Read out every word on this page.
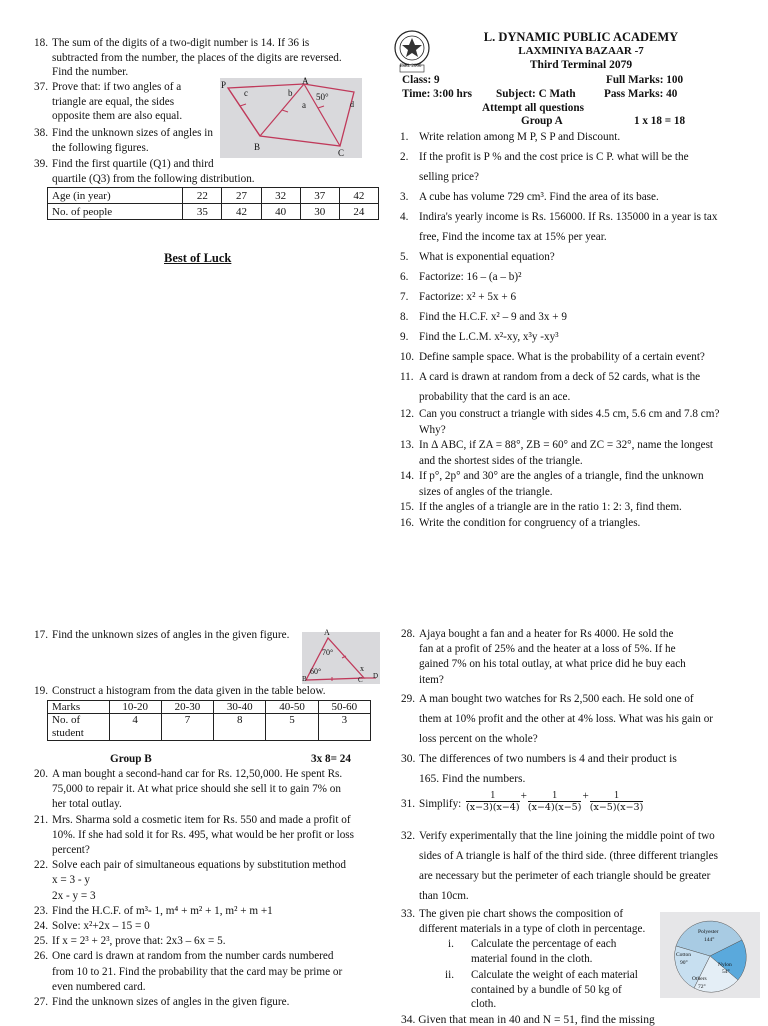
Estd. 2066
L. DYNAMIC PUBLIC ACADEMY
LAXMINIYA BAZAAR -7
Third Terminal 2079
Class: 9	Full Marks: 100
Time: 3:00 hrs Subject: C Math	Pass Marks: 40
Attempt all questions
Group A	1 x 18 = 18
1. Write relation among M P, S P and Discount.
2. If the profit is P % and the cost price is C P. what will be the
selling price?
3. A cube has volume 729 cm³. Find the area of its base.
4. Indira's yearly income is Rs. 156000. If Rs. 135000 in a year is tax
free, Find the income tax at 15% per year.
5. What is exponential equation?
6. Factorize: 16 – (a – b)²
7. Factorize: x² + 5x + 6
8. Find the H.C.F. x² – 9 and 3x + 9
9. Find the L.C.M. x²-xy, x³y -xy³
10. Define sample space. What is the probability of a certain event?
11. A card is drawn at random from a deck of 52 cards, what is the
probability that the card is an ace.
12. Can you construct a triangle with sides 4.5 cm, 5.6 cm and 7.8 cm?
Why?
13. In Δ ABC, if ZA = 88°, ZB = 60° and ZC = 32°, name the longest
and the shortest sides of the triangle.
14. If p°, 2p° and 30° are the angles of a triangle, find the unknown
sizes of angles of the triangle.
15. If the angles of a triangle are in the ratio 1: 2: 3, find them.
16. Write the condition for congruency of a triangles.
18. The sum of the digits of a two-digit number is 14. If 36 is
subtracted from the number, the places of the digits are reversed.
Find the number.
37. Prove that: if two angles of a
triangle are equal, the sides
opposite them are also equal.
38. Find the unknown sizes of angles in
the following figures.
P	A
c	b
a
50°
d
B
C
39. Find the first quartile (Q1) and third
quartile (Q3) from the following distribution.
Age (in year)	22	27	32	37	42
No. of people	35	42	40	30	24
Best of Luck
17. Find the unknown sizes of angles in the given figure.	A
70°
60°	x
B	C D
19. Construct a histogram from the data given in the table below.
Marks	10-20	20-30	30-40	40-50	50-60
No. of
student	4	7	8	5	3
Group B	3x 8= 24
20. A man bought a second-hand car for Rs. 12,50,000. He spent Rs.
75,000 to repair it. At what price should she sell it to gain 7% on
her total outlay.
21. Mrs. Sharma sold a cosmetic item for Rs. 550 and made a profit of
10%. If she had sold it for Rs. 495, what would be her profit or loss
percent?
22. Solve each pair of simultaneous equations by substitution method
x = 3 - y
2x - y = 3
23. Find the H.C.F. of m³- 1, m⁴ + m² + 1, m² + m +1
24. Solve: x²+2x – 15 = 0
25. If x = 2³ + 2³, prove that: 2x3 – 6x = 5.
26. One card is drawn at random from the number cards numbered
from 10 to 21. Find the probability that the card may be prime or
even numbered card.
27. Find the unknown sizes of angles in the given figure.
28. Ajaya bought a fan and a heater for Rs 4000. He sold the
fan at a profit of 25% and the heater at a loss of 5%. If he
gained 7% on his total outlay, at what price did he buy each
item?
29. A man bought two watches for Rs 2,500 each. He sold one of
them at 10% profit and the other at 4% loss. What was his gain or
loss percent on the whole?
30. The differences of two numbers is 4 and their product is
165. Find the numbers.
31. Simplify: $\frac{1}{(x-3)(x-4)} + \frac{1}{(x-4)(x-5)} + \frac{1}{(x-5)(x-3)}$
32. Verify experimentally that the line joining the middle point of two
sides of A triangle is half of the third side. (three different triangles
are necessary but the perimeter of each triangle should be greater
than 10cm.
33. The given pie chart shows the composition of
different materials in a type of cloth in percentage.
i.	Calculate the percentage of each
material found in the cloth.
ii.	Calculate the weight of each material
contained by a bundle of 50 kg of
cloth.
Polyester
144°
Cotton
90°	Nylon
54°
Others
72°
34. Given that mean in 40 and N = 51, find the missing
